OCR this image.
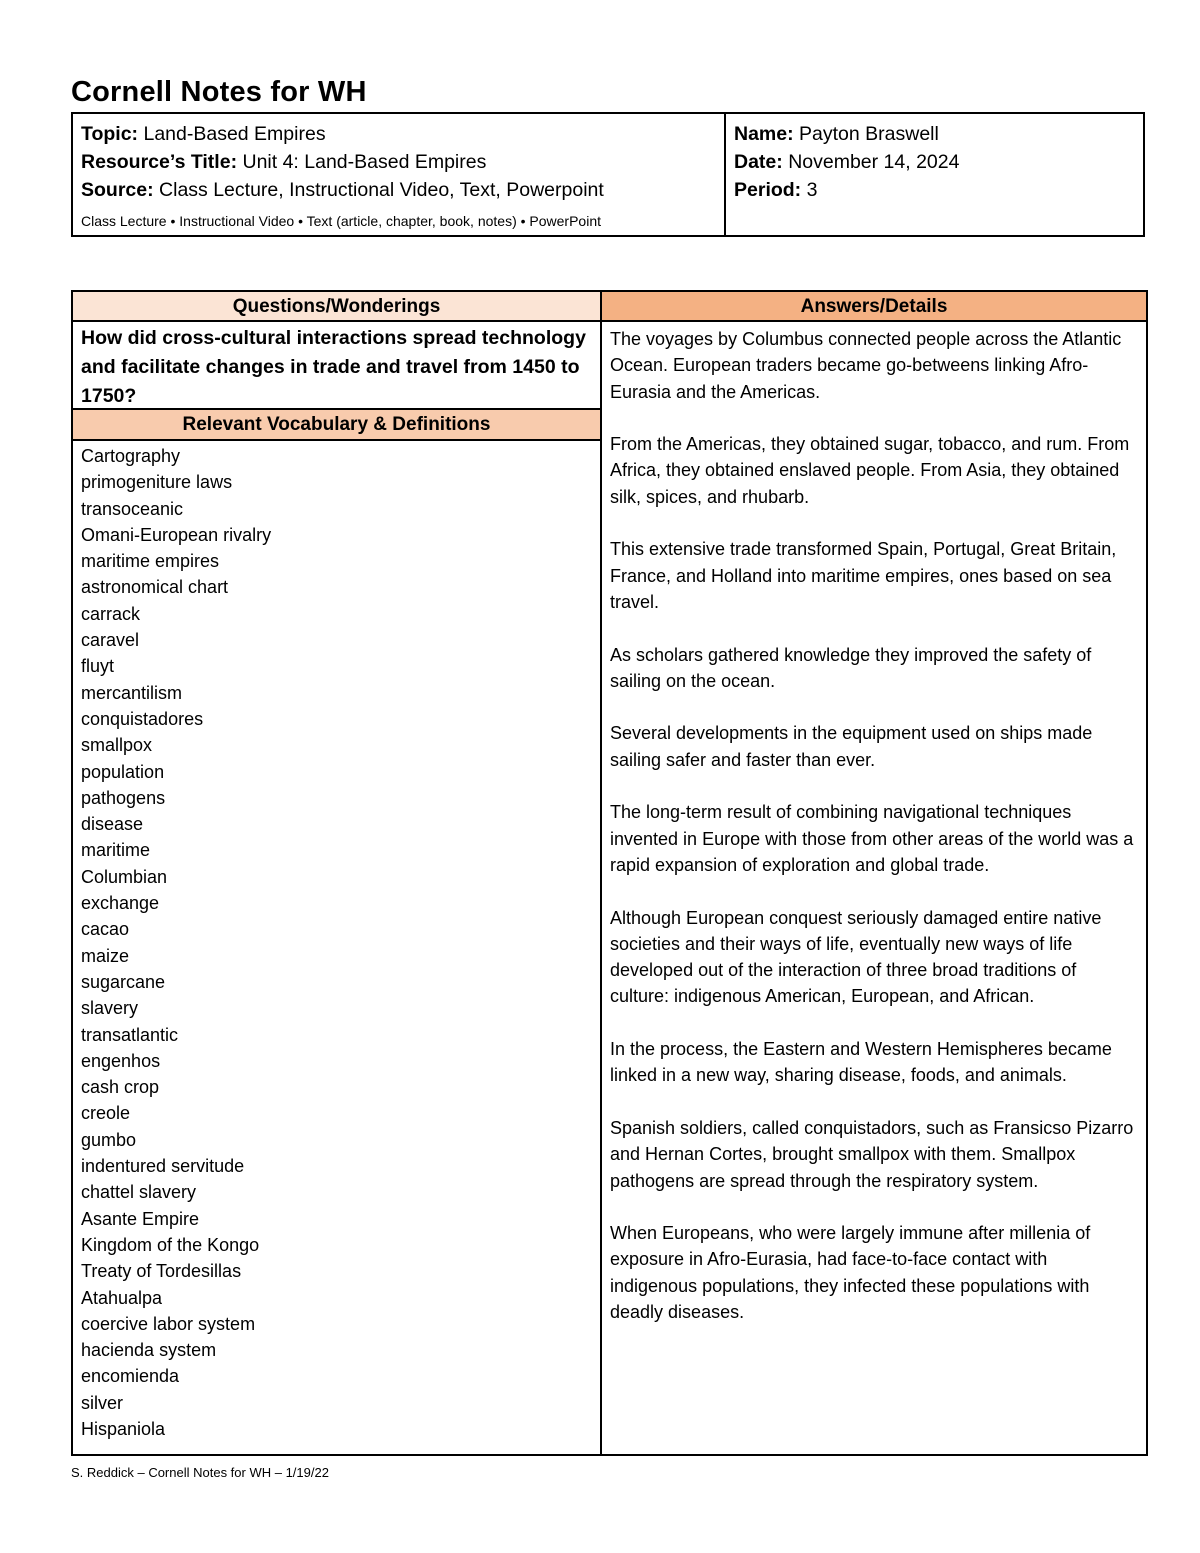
Cornell Notes for WH
Topic: Land-Based Empires
Resource’s Title: Unit 4: Land-Based Empires
Source: Class Lecture, Instructional Video, Text, Powerpoint
Class Lecture • Instructional Video • Text (article, chapter, book, notes) • PowerPoint
Name: Payton Braswell
Date: November 14, 2024
Period: 3
Questions/Wonderings
How did cross-cultural interactions spread technology and facilitate changes in trade and travel from 1450 to 1750?
Relevant Vocabulary & Definitions
Cartography
primogeniture laws
transoceanic
Omani-European rivalry
maritime empires
astronomical chart
carrack
caravel
fluyt
mercantilism
conquistadores
smallpox
population
pathogens
disease
maritime
Columbian
exchange
cacao
maize
sugarcane
slavery
transatlantic
engenhos
cash crop
creole
gumbo
indentured servitude
chattel slavery
Asante Empire
Kingdom of the Kongo
Treaty of Tordesillas
Atahualpa
coercive labor system
hacienda system
encomienda
silver
Hispaniola
Answers/Details

The voyages by Columbus connected people across the Atlantic Ocean. European traders became go-betweens linking Afro-Eurasia and the Americas.

From the Americas, they obtained sugar, tobacco, and rum. From Africa, they obtained enslaved people. From Asia, they obtained silk, spices, and rhubarb.

This extensive trade transformed Spain, Portugal, Great Britain, France, and Holland into maritime empires, ones based on sea travel.

As scholars gathered knowledge they improved the safety of sailing on the ocean.

Several developments in the equipment used on ships made sailing safer and faster than ever.

The long-term result of combining navigational techniques invented in Europe with those from other areas of the world was a rapid expansion of exploration and global trade.

Although European conquest seriously damaged entire native societies and their ways of life, eventually new ways of life developed out of the interaction of three broad traditions of culture: indigenous American, European, and African.

In the process, the Eastern and Western Hemispheres became linked in a new way, sharing disease, foods, and animals.

Spanish soldiers, called conquistadors, such as Fransicso Pizarro and Hernan Cortes, brought smallpox with them. Smallpox pathogens are spread through the respiratory system.

When Europeans, who were largely immune after millenia of exposure in Afro-Eurasia, had face-to-face contact with indigenous populations, they infected these populations with deadly diseases.

S. Reddick – Cornell Notes for WH – 1/19/22
